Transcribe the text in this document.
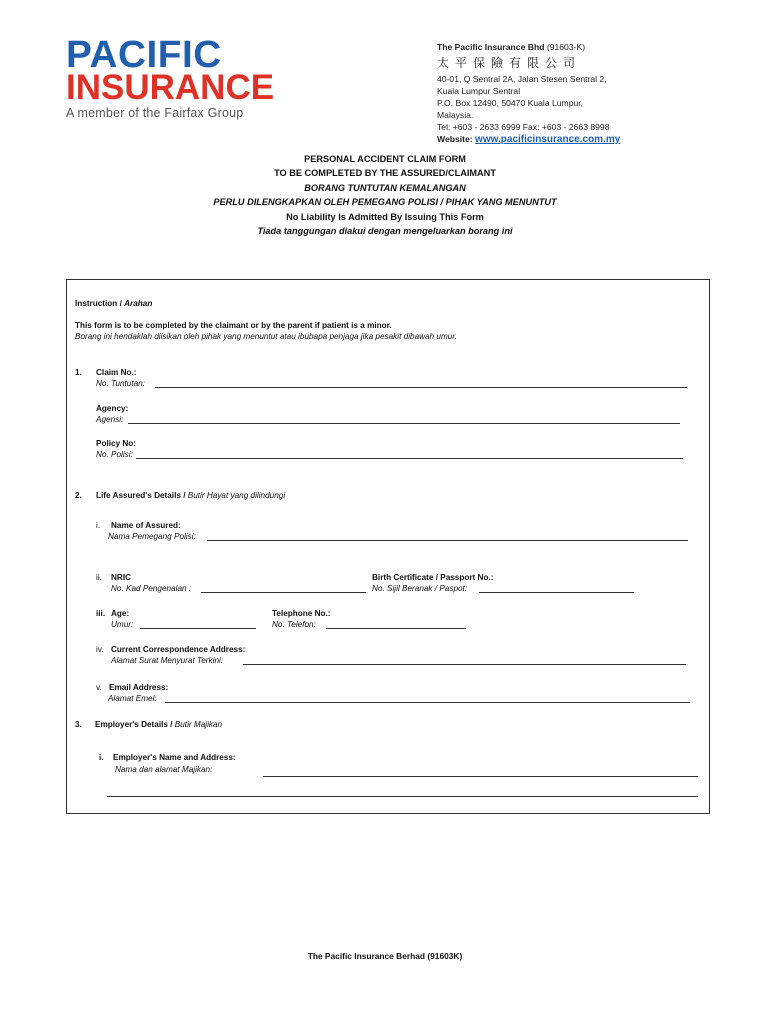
PACIFIC
INSURANCE
A member of the Fairfax Group
The Pacific Insurance Bhd (91603-K)
太平保險有限公司
40-01, Q Sentral 2A, Jalan Stesen Sentral 2,
Kuala Lumpur Sentral
P.O. Box 12490, 50470 Kuala Lumpur,
Malaysia.
Tel: +603 - 2633 6999 Fax: +603 - 2663 8998
Website: www.pacificinsurance.com.my
PERSONAL ACCIDENT CLAIM FORM
TO BE COMPLETED BY THE ASSURED/CLAIMANT
BORANG TUNTUTAN KEMALANGAN
PERLU DILENGKAPKAN OLEH PEMEGANG POLISI / PIHAK YANG MENUNTUT
No Liability Is Admitted By Issuing This Form
Tiada tanggungan diakui dengan mengeluarkan borang ini
Instruction / Arahan
This form is to be completed by the claimant or by the parent if patient is a minor.
Borang ini hendaklah diisikan oleh pihak yang menuntut atau ibubapa penjaga jika pesakit dibawah umur.
1. Claim No.:
No. Tuntutan:
Agency:
Agensi:
Policy No:
No. Polisi:
2. Life Assured's Details / Butir Hayat yang dilindungi
i. Name of Assured:
Nama Pemegang Polisi:
ii. NRIC
No. Kad Pengenalan :
Birth Certificate / Passport No.:
No. Sijil Beranak / Paspot:
iii. Age:
Umur:
Telephone No.:
No. Telefon:
iv. Current Correspondence Address:
Alamat Surat Menyurat Terkini:
v. Email Address:
Alamat Emel:
3. Employer's Details / Butir Majikan
i. Employer's Name and Address:
Nama dan alamat Majikan:
The Pacific Insurance Berhad (91603K)
